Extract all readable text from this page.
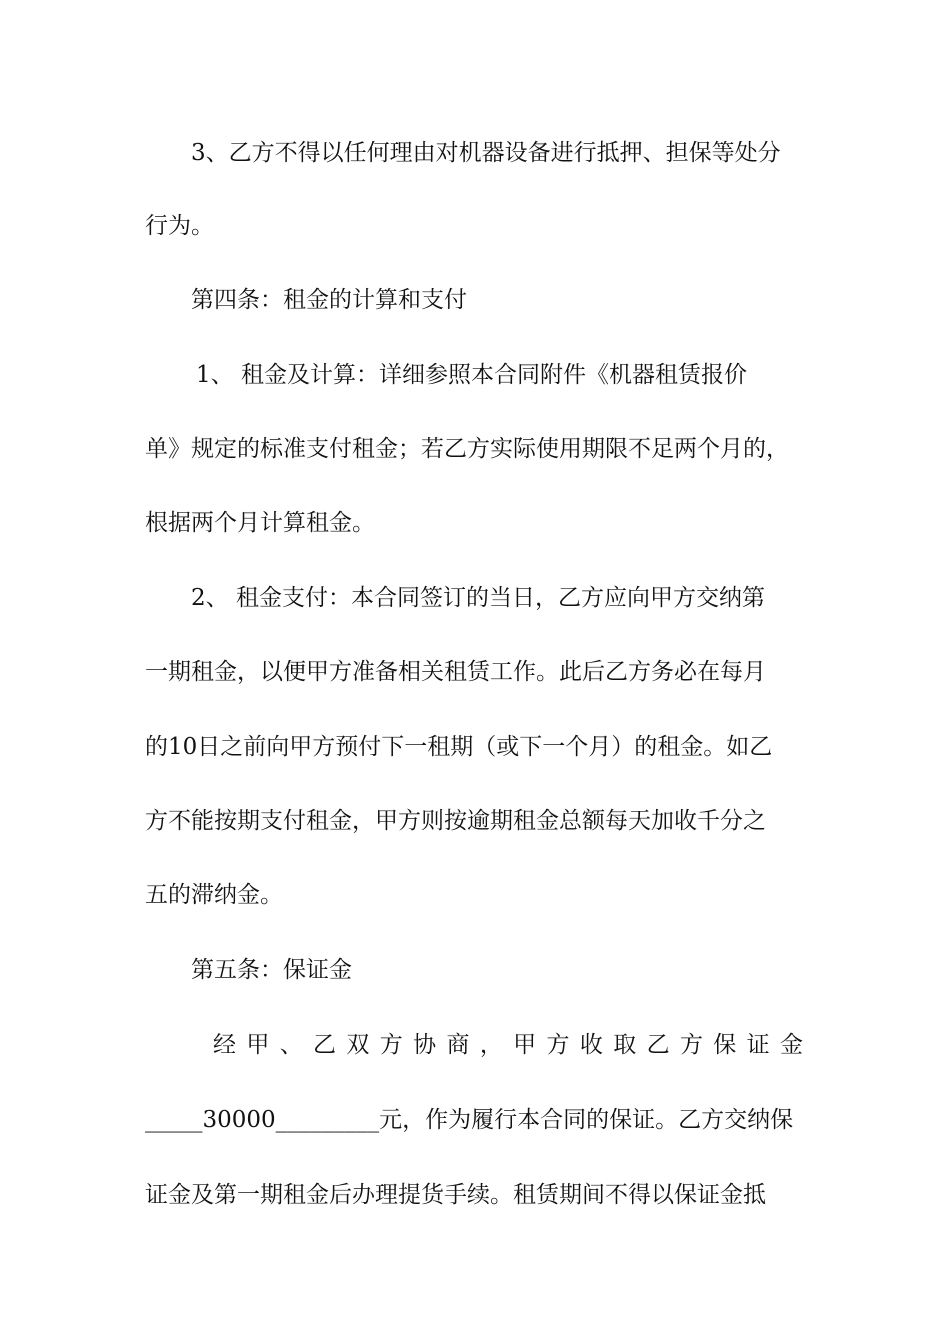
3、乙方不得以任何理由对机器设备进行抵押、担保等处分

行为。

第四条：租金的计算和支付

1、 租金及计算：详细参照本合同附件《机器租赁报价

单》规定的标准支付租金；若乙方实际使用期限不足两个月的，

根据两个月计算租金。

2、 租金支付：本合同签订的当日，乙方应向甲方交纳第

一期租金，以便甲方准备相关租赁工作。此后乙方务必在每月

的10日之前向甲方预付下一租期（或下一个月）的租金。如乙

方不能按期支付租金，甲方则按逾期租金总额每天加收千分之

五的滞纳金。

第五条：保证金

经甲、乙双方协商，甲方收取乙方保证金

_____30000_________元，作为履行本合同的保证。乙方交纳保

证金及第一期租金后办理提货手续。租赁期间不得以保证金抵
